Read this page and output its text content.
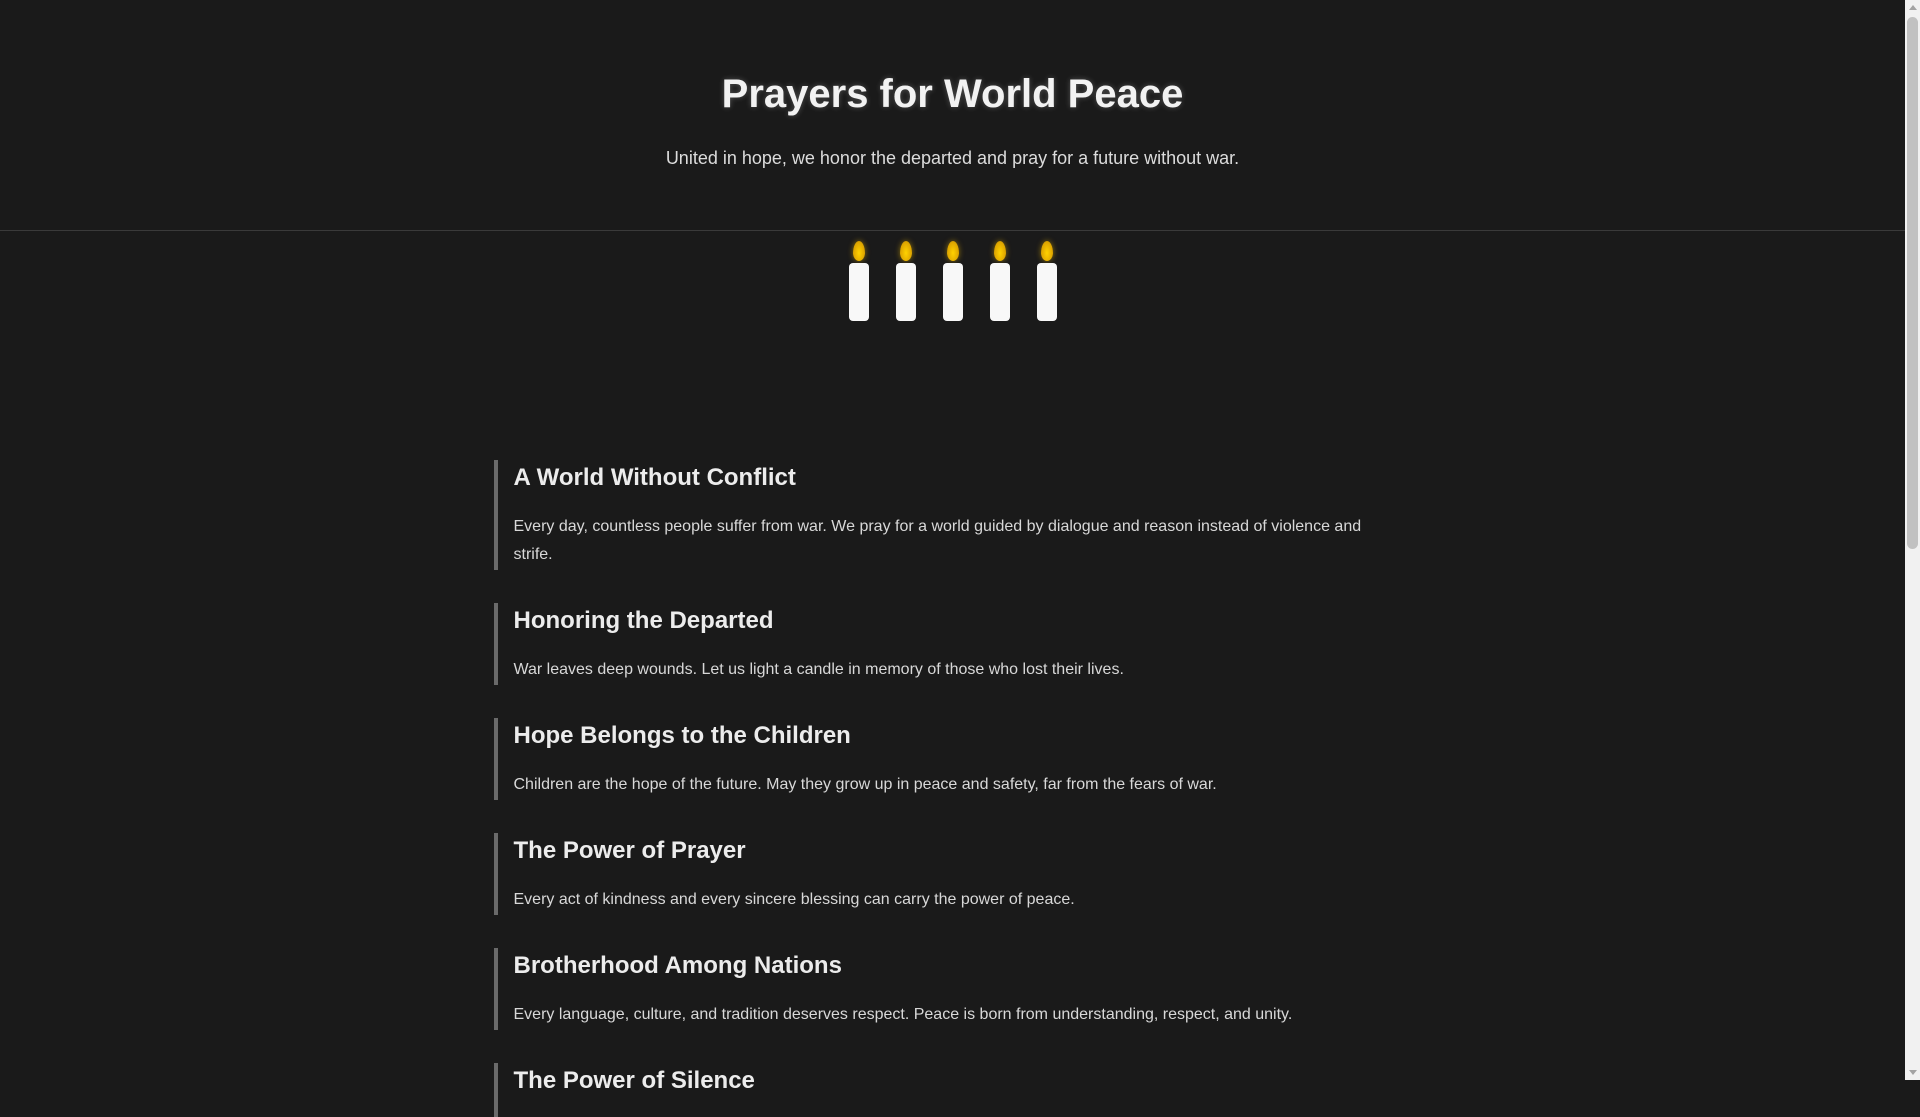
Prayers for World Peace

United in hope, we honor the departed and pray for a future without war.

A World Without Conflict

Every day, countless people suffer from war. We pray for a world guided by dialogue and reason instead of violence and strife.

Honoring the Departed

War leaves deep wounds. Let us light a candle in memory of those who lost their lives.

Hope Belongs to the Children

Children are the hope of the future. May they grow up in peace and safety, far from the fears of war.

The Power of Prayer

Every act of kindness and every sincere blessing can carry the power of peace.

Brotherhood Among Nations

Every language, culture, and tradition deserves respect. Peace is born from understanding, respect, and unity.

The Power of Silence
